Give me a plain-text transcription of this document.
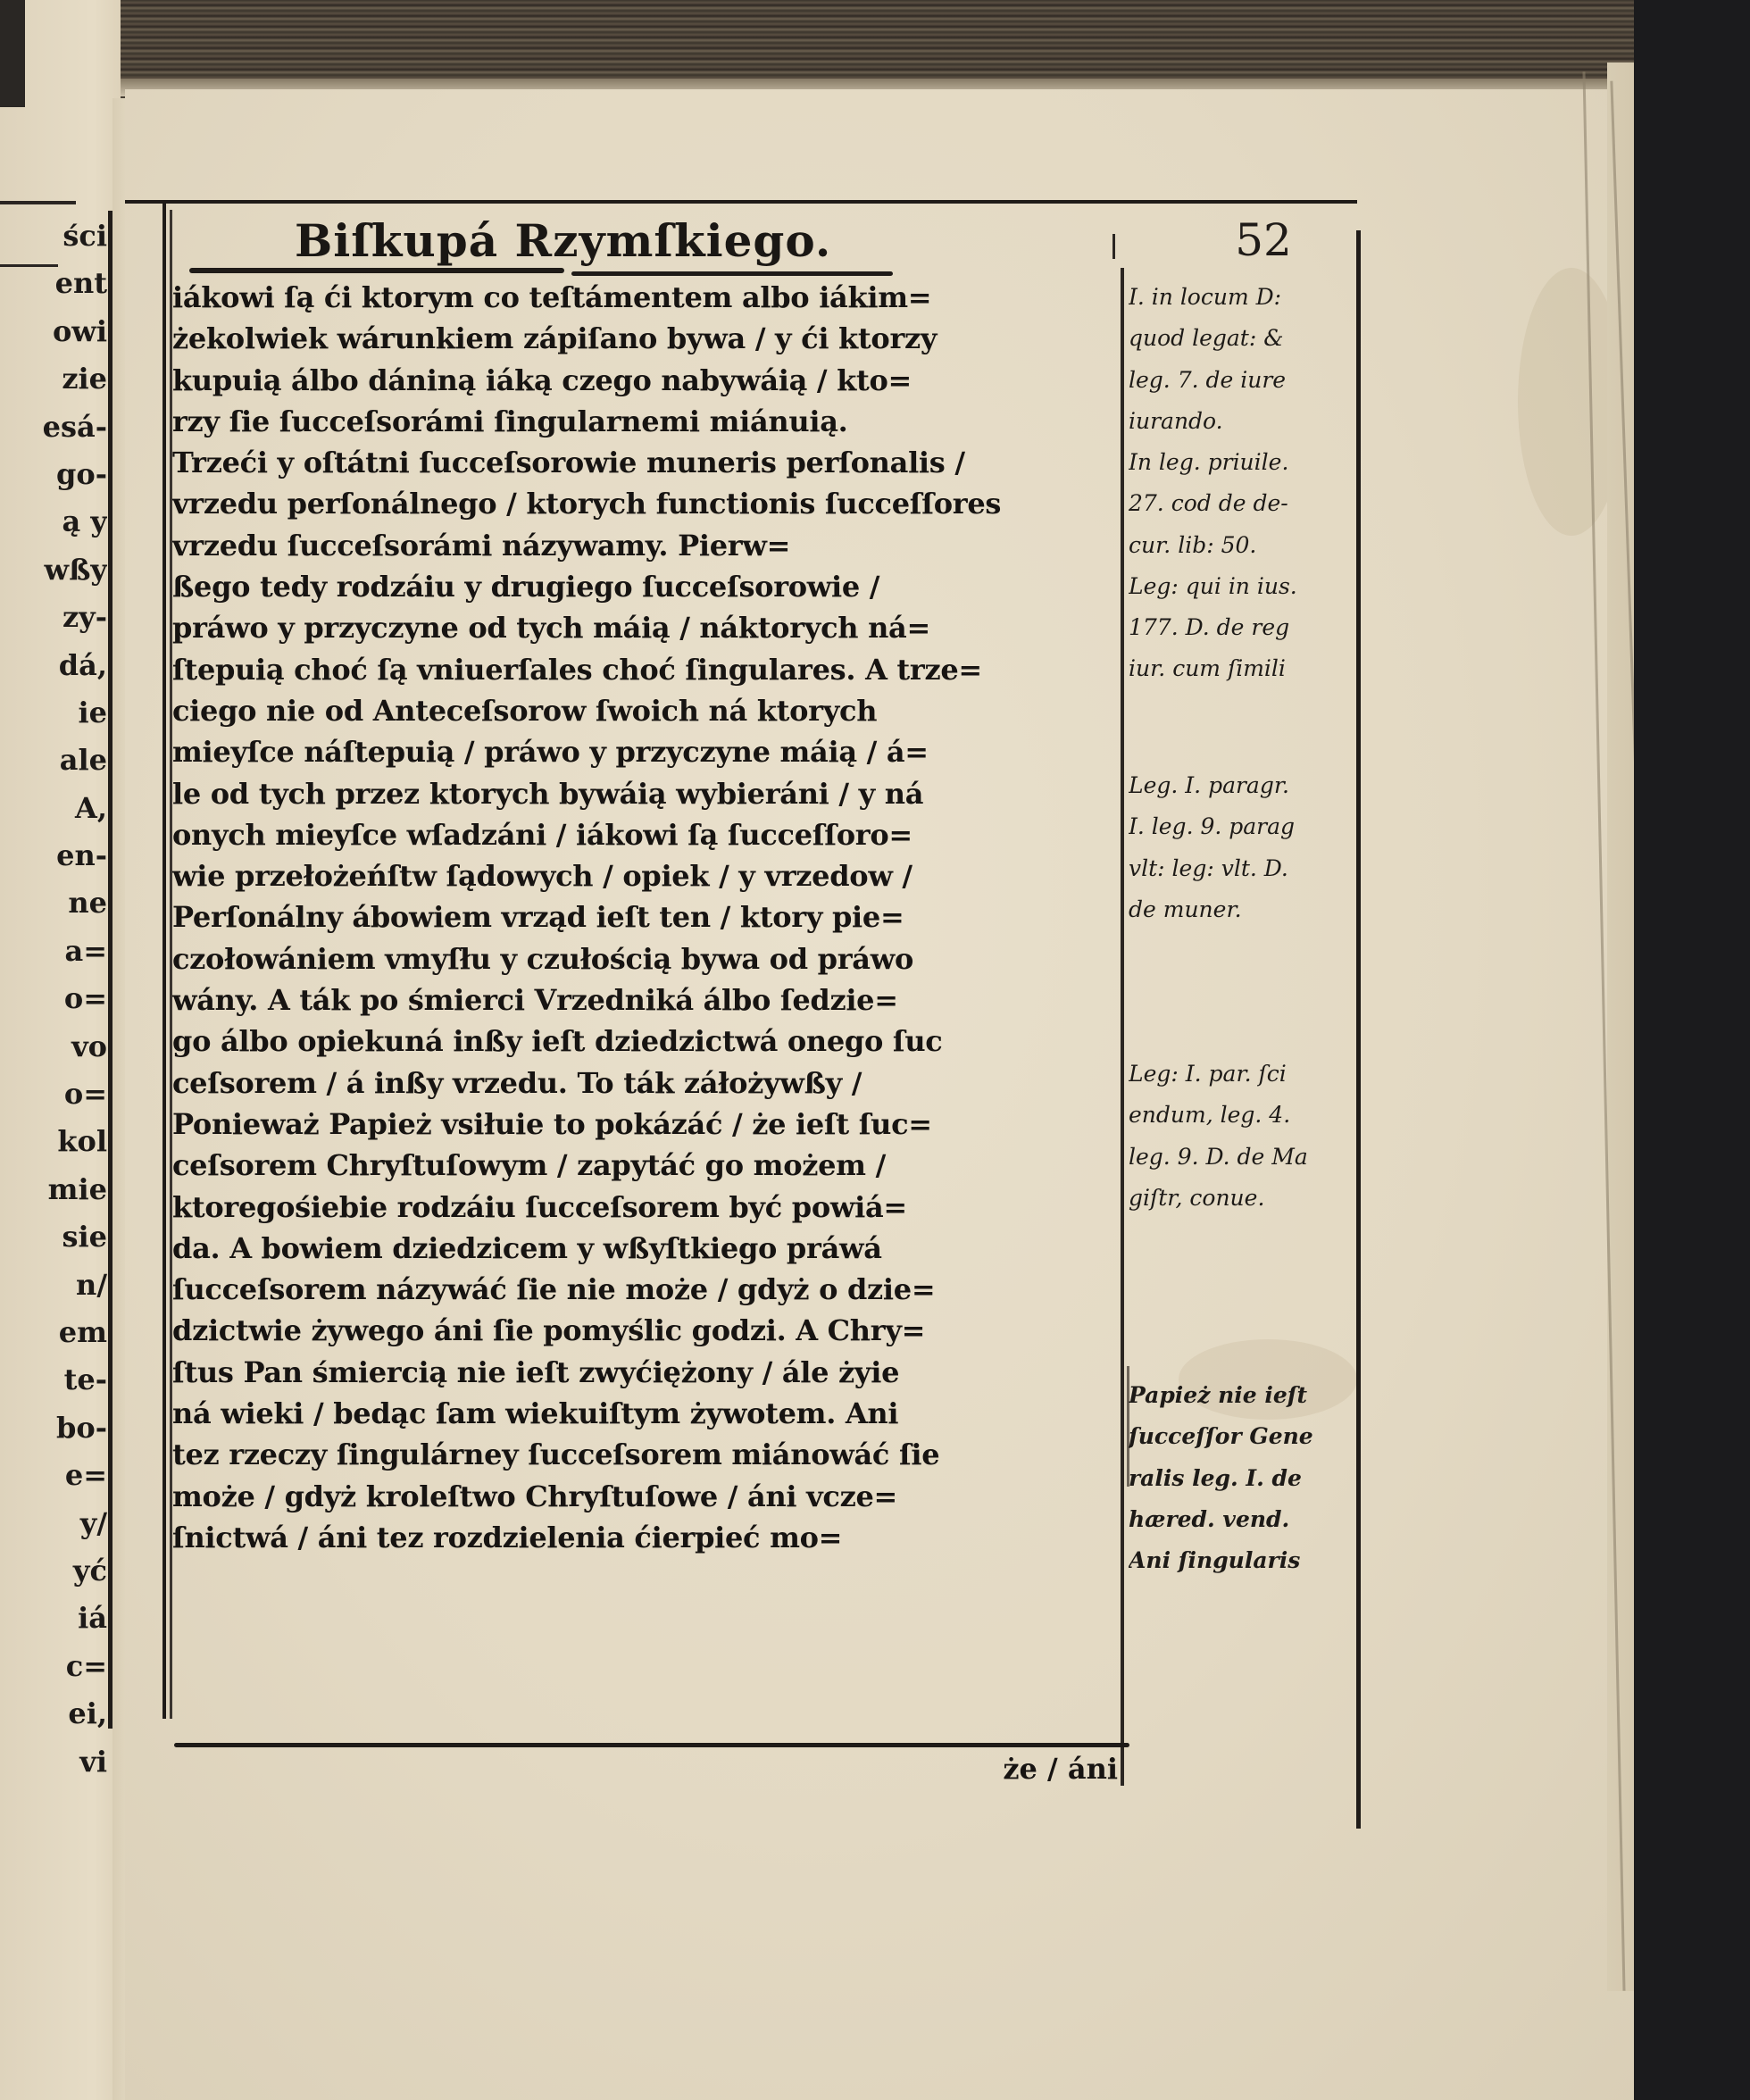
ści
ent
owi
zie
esá-
go-
ą y
wßy
zy-
dá,
ie
ale
A,
en-
ne
a=
o=
vo
o=
kol
mie
sie
n/
em
te-
bo-
e=
y/
yć
iá
c=
ei,
vi
Biſkupá Rzymſkiego.	52
iákowi ſą ći ktorym co teſtámentem albo iákim=
żekolwiek wárunkiem zápiſano bywa / y ći ktorzy
kupuią álbo dániną iáką czego nabywáią / kto=
rzy ſie ſucceſsorámi ſingularnemi miánuią.
Trzeći y oſtátni ſucceſsorowie muneris perſonalis /
vrzedu perſonálnego / ktorych functionis ſucceſſores
vrzedu ſucceſsorámi názywamy. Pierw=
ßego tedy rodzáiu y drugiego ſucceſsorowie /
práwo y przyczyne od tych máią / náktorych ná=
ſtepuią choć ſą vniuerſales choć ſingulares. A trze=
ciego nie od Anteceſsorow ſwoich ná ktorych
mieyſce náſtepuią / práwo y przyczyne máią / á=
le od tych przez ktorych bywáią wybieráni / y ná
onych mieyſce wſadzáni / iákowi ſą ſucceſſoro=
wie przełożeńſtw ſądowych / opiek / y vrzedow /
Perſonálny ábowiem vrząd ieſt ten / ktory pie=
czołowániem vmyſłu y czułością bywa od práwo
wány. A ták po śmierci Vrzedniká álbo ſedzie=
go álbo opiekuná inßy ieſt dziedzictwá onego ſuc
ceſsorem / á inßy vrzedu. To ták záłożywßy /
Ponieważ Papież vsiłuie to pokázáć / że ieſt ſuc=
ceſsorem Chryſtuſowym / zapytáć go możem /
ktoregośiebie rodzáiu ſucceſsorem być powiá=
da. A bowiem dziedzicem y wßyſtkiego práwá
ſucceſsorem názywáć ſie nie może / gdyż o dzie=
dzictwie żywego áni ſie pomyślic godzi. A Chry=
ſtus Pan śmiercią nie ieſt zwyćiężony / ále żyie
ná wieki / bedąc ſam wiekuiſtym żywotem. Ani
tez rzeczy ſingulárney ſucceſsorem miánowáć ſie
może / gdyż kroleſtwo Chryſtuſowe / áni vcze=
ſnictwá / áni tez rozdzielenia ćierpieć mo=
że / áni
I. in locum D:
quod legat: &
leg. 7. de iure
iurando.
In leg. priuile.
27. cod de de-
cur. lib: 50.
Leg: qui in ius.
177. D. de reg
iur. cum ſimili
Leg. I. paragr.
I. leg. 9. parag
vlt: leg: vlt. D.
de muner.
Leg: I. par. ſci
endum, leg. 4.
leg. 9. D. de Ma
giſtr, conue.
Papież nie ieſt
ſucceſſor Gene
ralis leg. I. de
hæred. vend.
Ani ſingularis
